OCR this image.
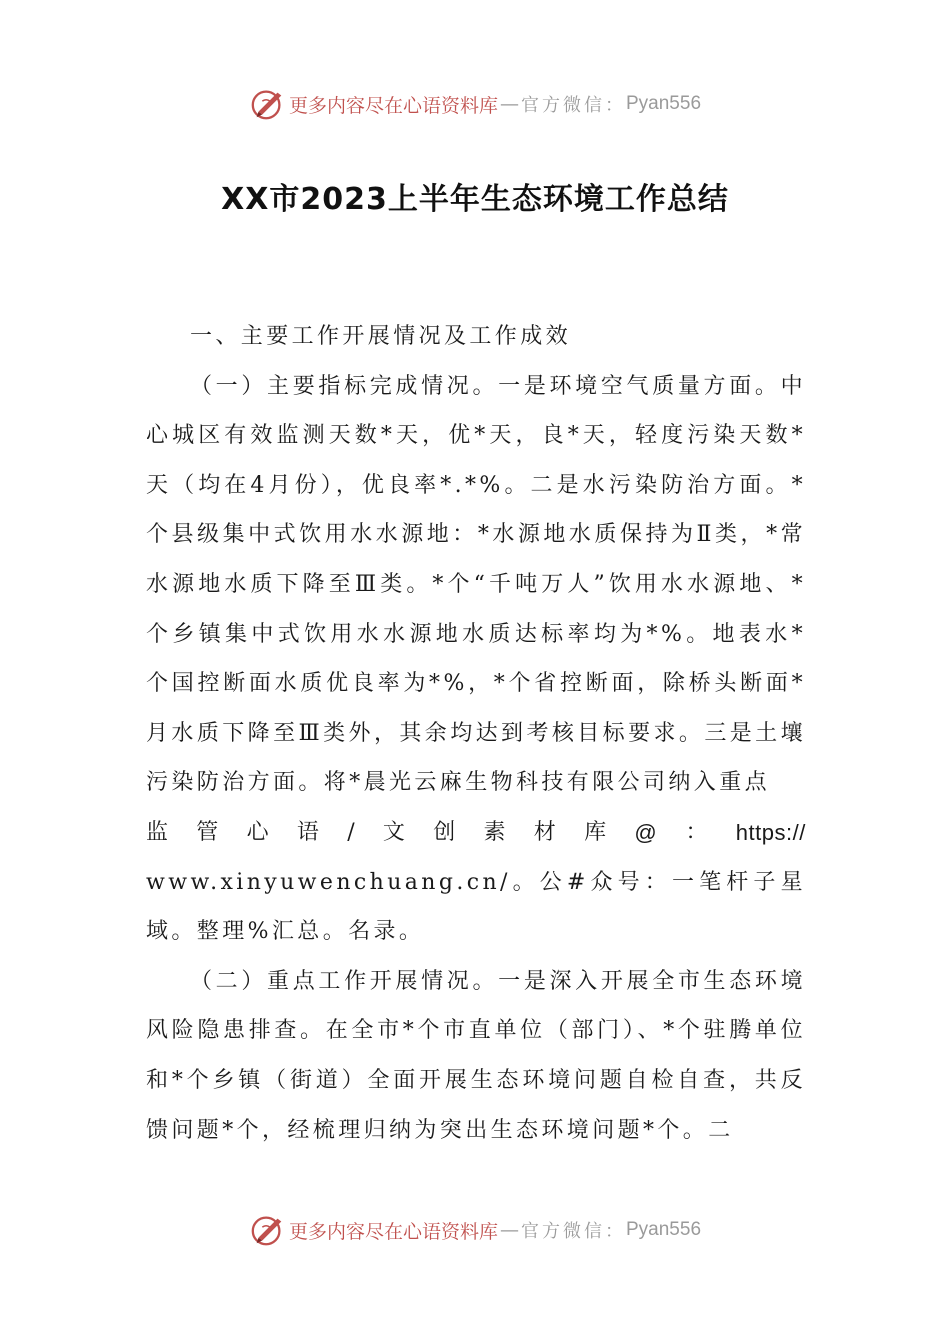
更多内容尽在心语资料库 — 官方微信： Pyan556
XX市2023上半年生态环境工作总结

一、主要工作开展情况及工作成效

（一）主要指标完成情况。一是环境空气质量方面。中心城区有效监测天数*天，优*天，良*天，轻度污染天数*天（均在4月份），优良率*.*%。二是水污染防治方面。*个县级集中式饮用水水源地：*水源地水质保持为Ⅱ类，*常水源地水质下降至Ⅲ类。*个“千吨万人”饮用水水源地、*个乡镇集中式饮用水水源地水质达标率均为*%。地表水*个国控断面水质优良率为*%，*个省控断面，除桥头断面*月水质下降至Ⅲ类外，其余均达到考核目标要求。三是土壤污染防治方面。将*晨光云麻生物科技有限公司纳入重点

监 管 心 语 / 文 创 素 材 库 @ ： https://

www.xinyuwenchuang.cn/。公#众号：一笔杆子星域。整理%汇总。名录。

（二）重点工作开展情况。一是深入开展全市生态环境风险隐患排查。在全市*个市直单位（部门）、*个驻腾单位和*个乡镇（街道）全面开展生态环境问题自检自查，共反馈问题*个，经梳理归纳为突出生态环境问题*个。二

更多内容尽在心语资料库 — 官方微信： Pyan556
